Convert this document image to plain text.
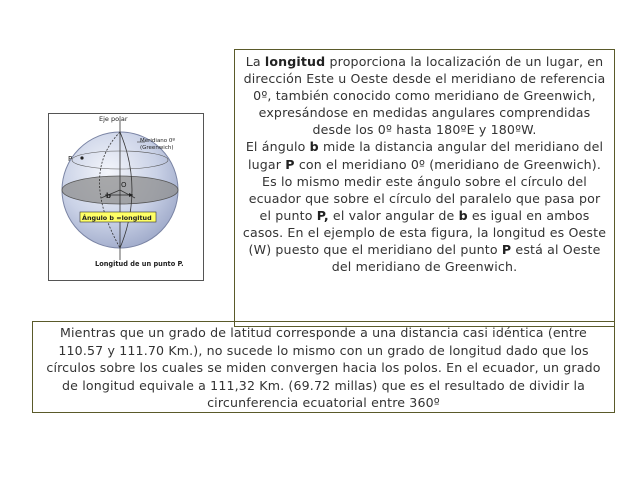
Eje polar
Meridiano 0º
(Greenwich)
P
O
b
Ángulo b =longitud
Longitud de un punto P.

La longitud proporciona la localización de un lugar, en dirección Este u Oeste desde el meridiano de referencia 0º, también conocido como meridiano de Greenwich, expresándose en medidas angulares comprendidas desde los 0º hasta 180ºE y 180ºW.

El ángulo b mide la distancia angular del meridiano del lugar P con el meridiano 0º (meridiano de Greenwich). Es lo mismo medir este ángulo sobre el círculo del ecuador que sobre el círculo del paralelo que pasa por el punto P, el valor angular de b es igual en ambos casos. En el ejemplo de esta figura, la longitud es Oeste (W) puesto que el meridiano del punto P está al Oeste del meridiano de Greenwich.

Mientras que un grado de latitud corresponde a una distancia casi idéntica (entre 110.57 y 111.70 Km.), no sucede lo mismo con un grado de longitud dado que los círculos sobre los cuales se miden convergen hacia los polos. En el ecuador, un grado de longitud equivale a 111,32 Km. (69.72 millas) que es el resultado de dividir la circunferencia ecuatorial entre 360º
